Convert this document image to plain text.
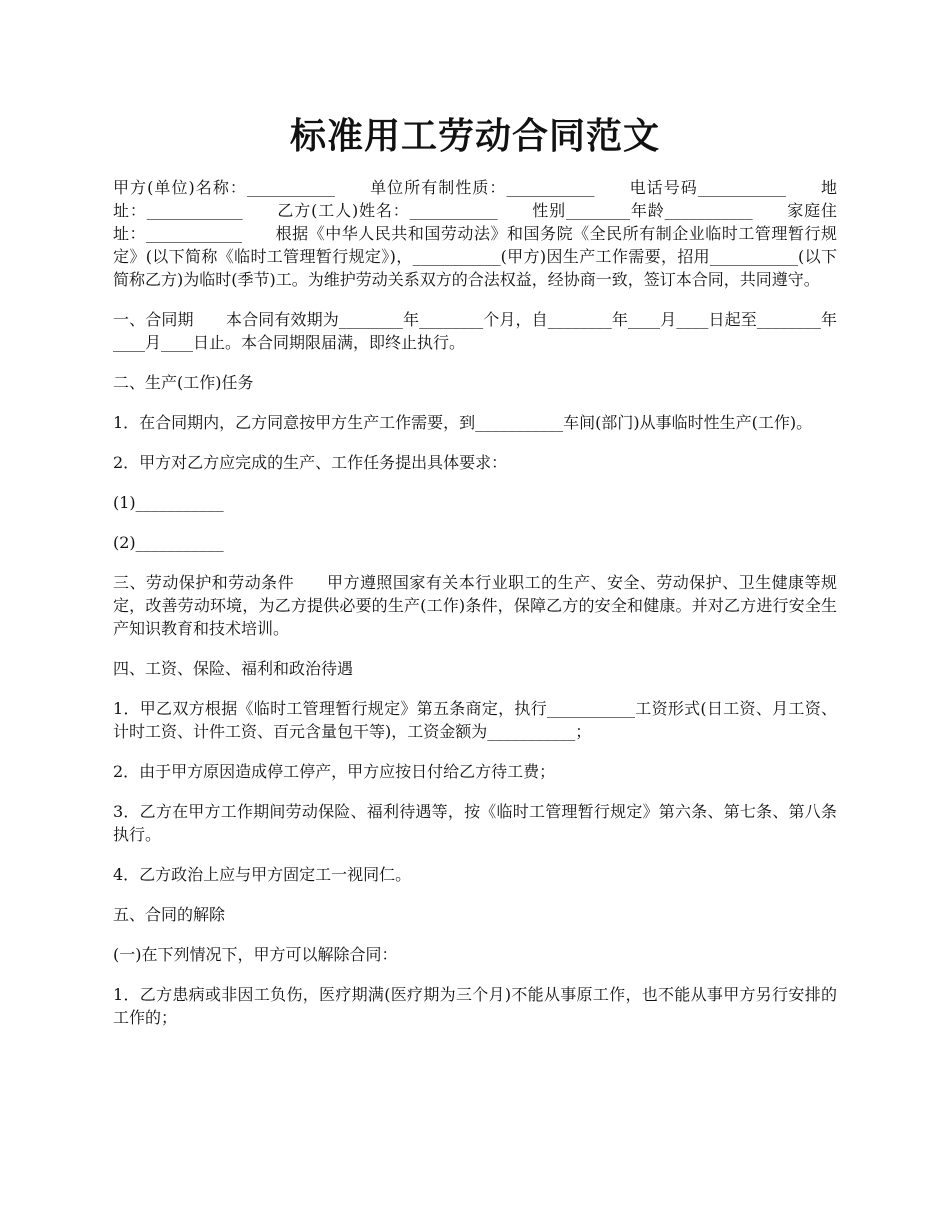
标准用工劳动合同范文

甲方(单位)名称：___________　　单位所有制性质：___________　　电话号码___________　　地址：____________　　乙方(工人)姓名：___________　　性别________年龄___________　　家庭住址：____________　　根据《中华人民共和国劳动法》和国务院《全民所有制企业临时工管理暂行规定》(以下简称《临时工管理暂行规定》)，___________(甲方)因生产工作需要，招用___________(以下简称乙方)为临时(季节)工。为维护劳动关系双方的合法权益，经协商一致，签订本合同，共同遵守。

一、合同期　　本合同有效期为________年________个月，自________年____月____日起至________年____月____日止。本合同期限届满，即终止执行。

二、生产(工作)任务

1．在合同期内，乙方同意按甲方生产工作需要，到___________车间(部门)从事临时性生产(工作)。

2．甲方对乙方应完成的生产、工作任务提出具体要求：

(1)___________

(2)___________

三、劳动保护和劳动条件　　甲方遵照国家有关本行业职工的生产、安全、劳动保护、卫生健康等规定，改善劳动环境，为乙方提供必要的生产(工作)条件，保障乙方的安全和健康。并对乙方进行安全生产知识教育和技术培训。

四、工资、保险、福利和政治待遇

1．甲乙双方根据《临时工管理暂行规定》第五条商定，执行___________工资形式(日工资、月工资、计时工资、计件工资、百元含量包干等)，工资金额为___________；

2．由于甲方原因造成停工停产，甲方应按日付给乙方待工费；

3．乙方在甲方工作期间劳动保险、福利待遇等，按《临时工管理暂行规定》第六条、第七条、第八条执行。

4．乙方政治上应与甲方固定工一视同仁。

五、合同的解除

(一)在下列情况下，甲方可以解除合同：

1．乙方患病或非因工负伤，医疗期满(医疗期为三个月)不能从事原工作，也不能从事甲方另行安排的工作的；
